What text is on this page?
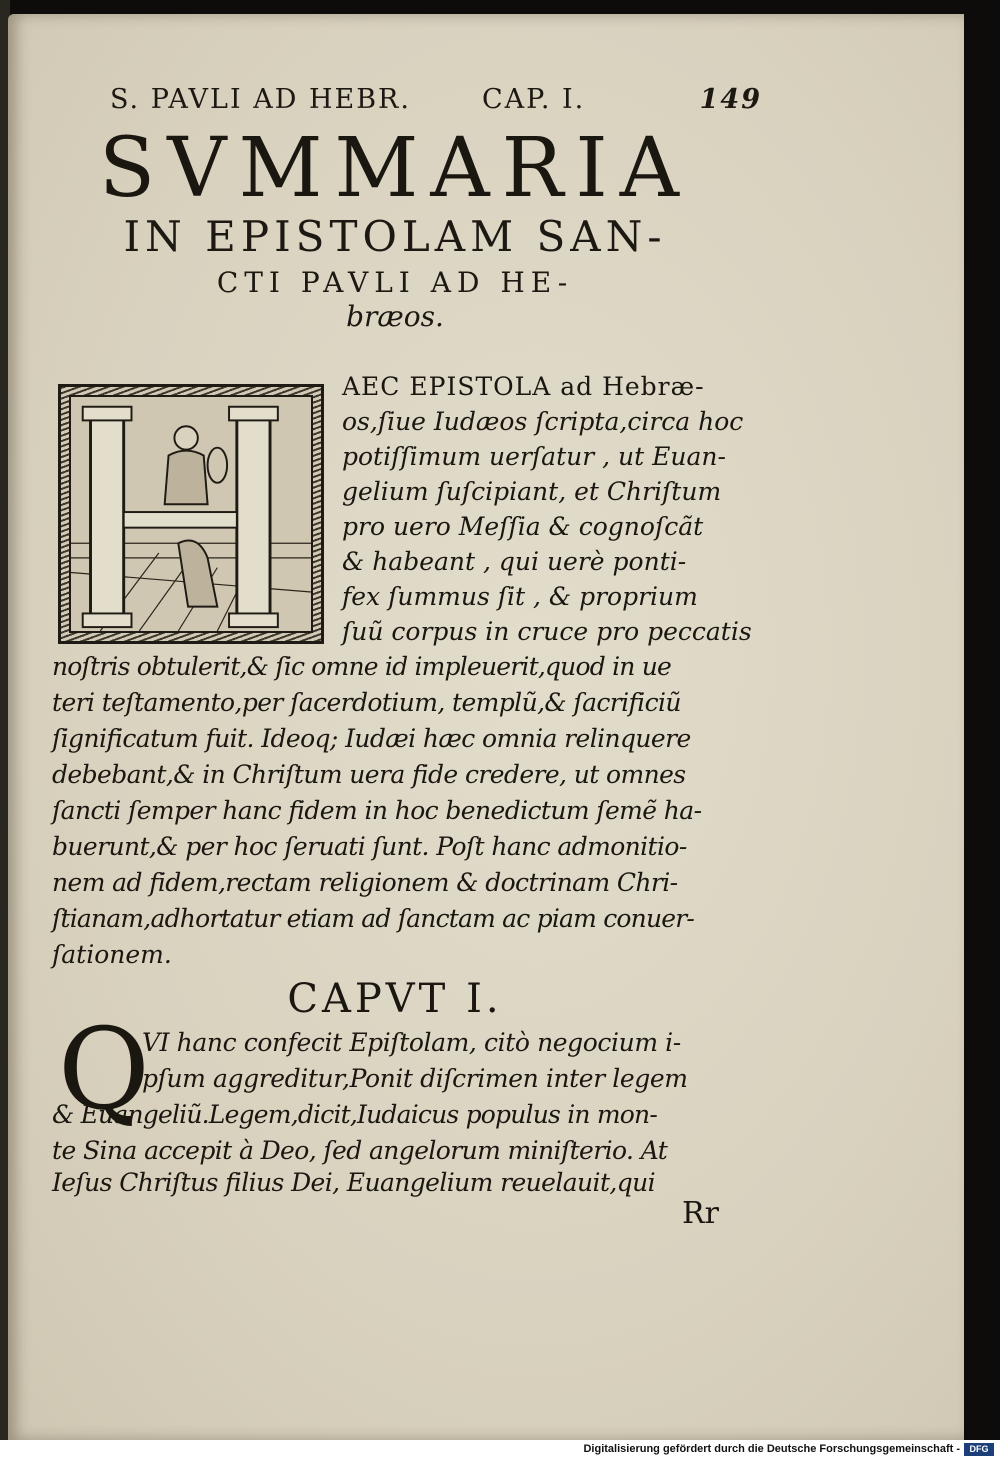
S. PAVLI AD HEBR.	CAP. I.	149
SVMMARIA
IN EPISTOLAM SAN-
CTI PAVLI AD HE-
bræos.
AEC EPISTOLA ad Hebræ-
os,ſiue Iudæos ſcripta,circa hoc
potiſſimum uerſatur , ut Euan-
gelium ſuſcipiant, et Chriſtum
pro uero Meſſia & cognoſcãt
& habeant , qui uerè ponti-
fex ſummus ſit , & proprium
ſuũ corpus in cruce pro peccatis
noſtris obtulerit,& ſic omne id impleuerit,quod in ue
teri teſtamento,per ſacerdotium, templũ,& ſacrificiũ
ſignificatum fuit. Ideoq; Iudæi hæc omnia relinquere
debebant,& in Chriſtum uera fide credere, ut omnes
ſancti ſemper hanc fidem in hoc benedictum ſemẽ ha-
buerunt,& per hoc ſeruati ſunt. Poſt hanc admonitio-
nem ad fidem,rectam religionem & doctrinam Chri-
ſtianam,adhortatur etiam ad ſanctam ac piam conuer-
ſationem.
CAPVT I.
Q
VI hanc confecit Epiſtolam, citò negocium i-
pſum aggreditur,Ponit diſcrimen inter legem
& Euangeliũ.Legem,dicit,Iudaicus populus in mon-
te Sina accepit à Deo, ſed angelorum miniſterio. At
Ieſus Chriſtus filius Dei, Euangelium reuelauit,qui
Rr
Digitalisierung gefördert durch die Deutsche Forschungsgemeinschaft -	DFG
